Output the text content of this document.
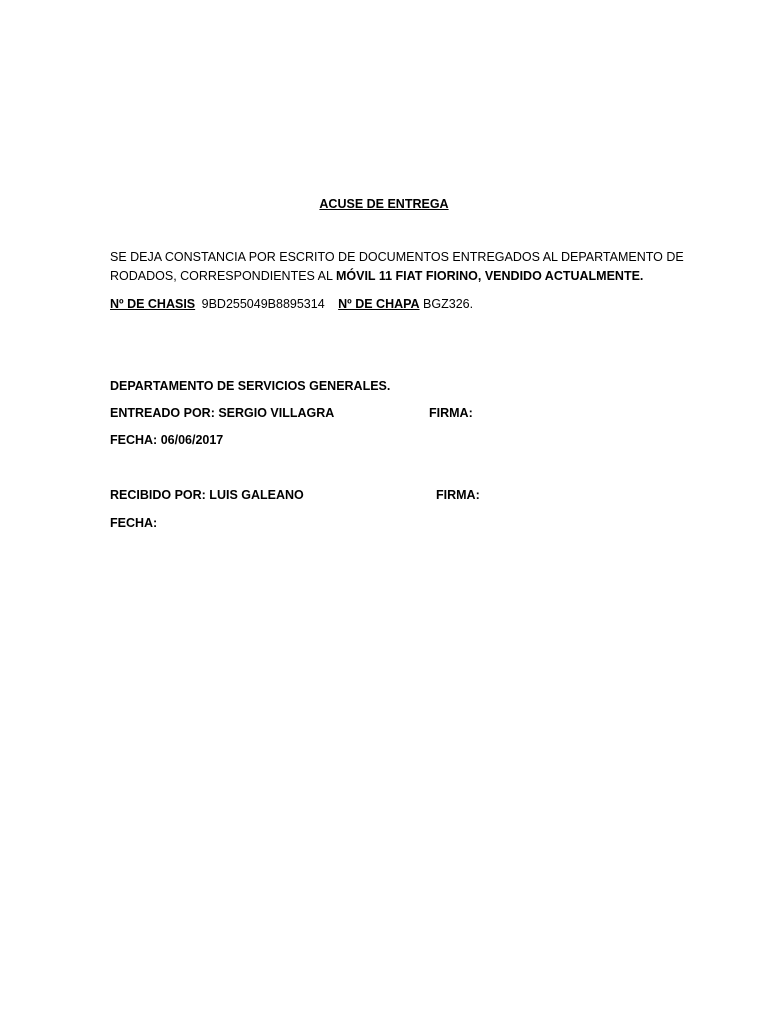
ACUSE DE ENTREGA
SE DEJA CONSTANCIA POR ESCRITO DE DOCUMENTOS ENTREGADOS AL DEPARTAMENTO DE
RODADOS, CORRESPONDIENTES AL MÓVIL 11 FIAT FIORINO, VENDIDO ACTUALMENTE.
Nº DE CHASIS 9BD255049B8895314 Nº DE CHAPA BGZ326.
DEPARTAMENTO DE SERVICIOS GENERALES.
ENTREADO POR: SERGIO VILLAGRA	FIRMA:
FECHA: 06/06/2017
RECIBIDO POR: LUIS GALEANO	FIRMA:
FECHA:
